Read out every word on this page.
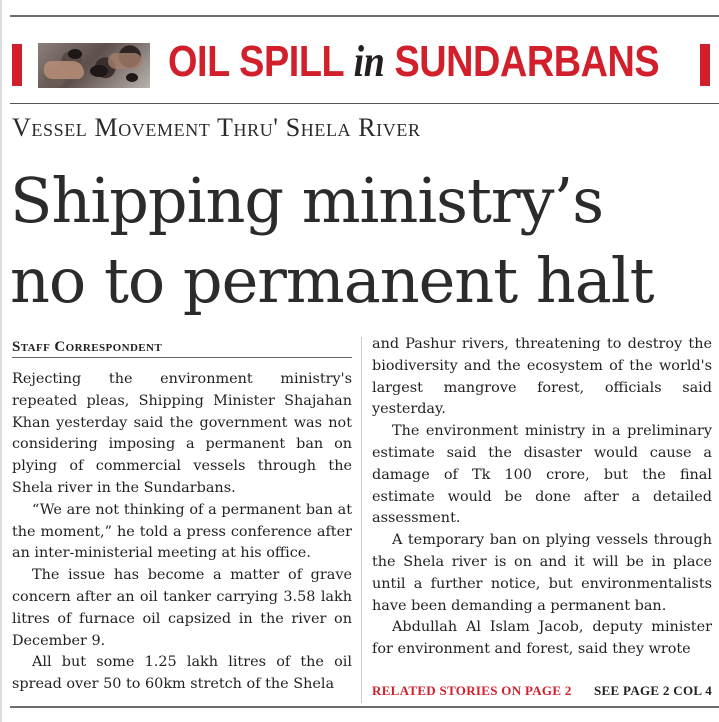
OIL SPILL in SUNDARBANS
Vessel Movement Thru' Shela River
Shipping ministry’s
no to permanent halt
Staff Correspondent

Rejecting the environment ministry's repeated pleas, Shipping Minister Shajahan Khan yesterday said the government was not considering imposing a permanent ban on plying of commercial vessels through the Shela river in the Sundarbans.

“We are not thinking of a permanent ban at the moment,” he told a press conference after an inter-ministerial meeting at his office.

The issue has become a matter of grave concern after an oil tanker carrying 3.58 lakh litres of furnace oil capsized in the river on December 9.

All but some 1.25 lakh litres of the oil spread over 50 to 60km stretch of the Shela

and Pashur rivers, threatening to destroy the biodiversity and the ecosystem of the world's largest mangrove forest, officials said yesterday.

The environment ministry in a preliminary estimate said the disaster would cause a damage of Tk 100 crore, but the final estimate would be done after a detailed assessment.

A temporary ban on plying vessels through the Shela river is on and it will be in place until a further notice, but environmentalists have been demanding a permanent ban.

Abdullah Al Islam Jacob, deputy minister for environment and forest, said they wrote

RELATED STORIES ON PAGE 2 SEE PAGE 2 COL 4
